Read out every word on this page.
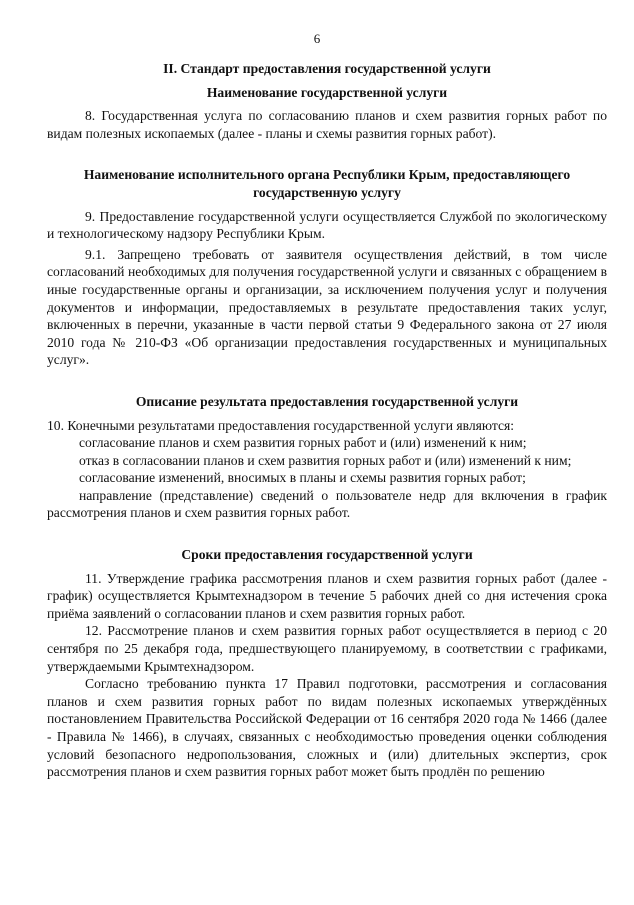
6

II. Стандарт предоставления государственной услуги

Наименование государственной услуги

8. Государственная услуга по согласованию планов и схем развития горных работ по видам полезных ископаемых (далее - планы и схемы развития горных работ).

Наименование исполнительного органа Республики Крым, предоставляющего государственную услугу

9. Предоставление государственной услуги осуществляется Службой по экологическому и технологическому надзору Республики Крым.

9.1. Запрещено требовать от заявителя осуществления действий, в том числе согласований необходимых для получения государственной услуги и связанных с обращением в иные государственные органы и организации, за исключением получения услуг и получения документов и информации, предоставляемых в результате предоставления таких услуг, включенных в перечни, указанные в части первой статьи 9 Федерального закона от 27 июля 2010 года № 210-ФЗ «Об организации предоставления государственных и муниципальных услуг».

Описание результата предоставления государственной услуги

10. Конечными результатами предоставления государственной услуги являются:

согласование планов и схем развития горных работ и (или) изменений к ним;

отказ в согласовании планов и схем развития горных работ и (или) изменений к ним;

согласование изменений, вносимых в планы и схемы развития горных работ;

направление (представление) сведений о пользователе недр для включения в график рассмотрения планов и схем развития горных работ.

Сроки предоставления государственной услуги

11. Утверждение графика рассмотрения планов и схем развития горных работ (далее - график) осуществляется Крымтехнадзором в течение 5 рабочих дней со дня истечения срока приёма заявлений о согласовании планов и схем развития горных работ.

12. Рассмотрение планов и схем развития горных работ осуществляется в период с 20 сентября по 25 декабря года, предшествующего планируемому, в соответствии с графиками, утверждаемыми Крымтехнадзором.

Согласно требованию пункта 17 Правил подготовки, рассмотрения и согласования планов и схем развития горных работ по видам полезных ископаемых утверждённых постановлением Правительства Российской Федерации от 16 сентября 2020 года № 1466 (далее - Правила № 1466), в случаях, связанных с необходимостью проведения оценки соблюдения условий безопасного недропользования, сложных и (или) длительных экспертиз, срок рассмотрения планов и схем развития горных работ может быть продлён по решению
